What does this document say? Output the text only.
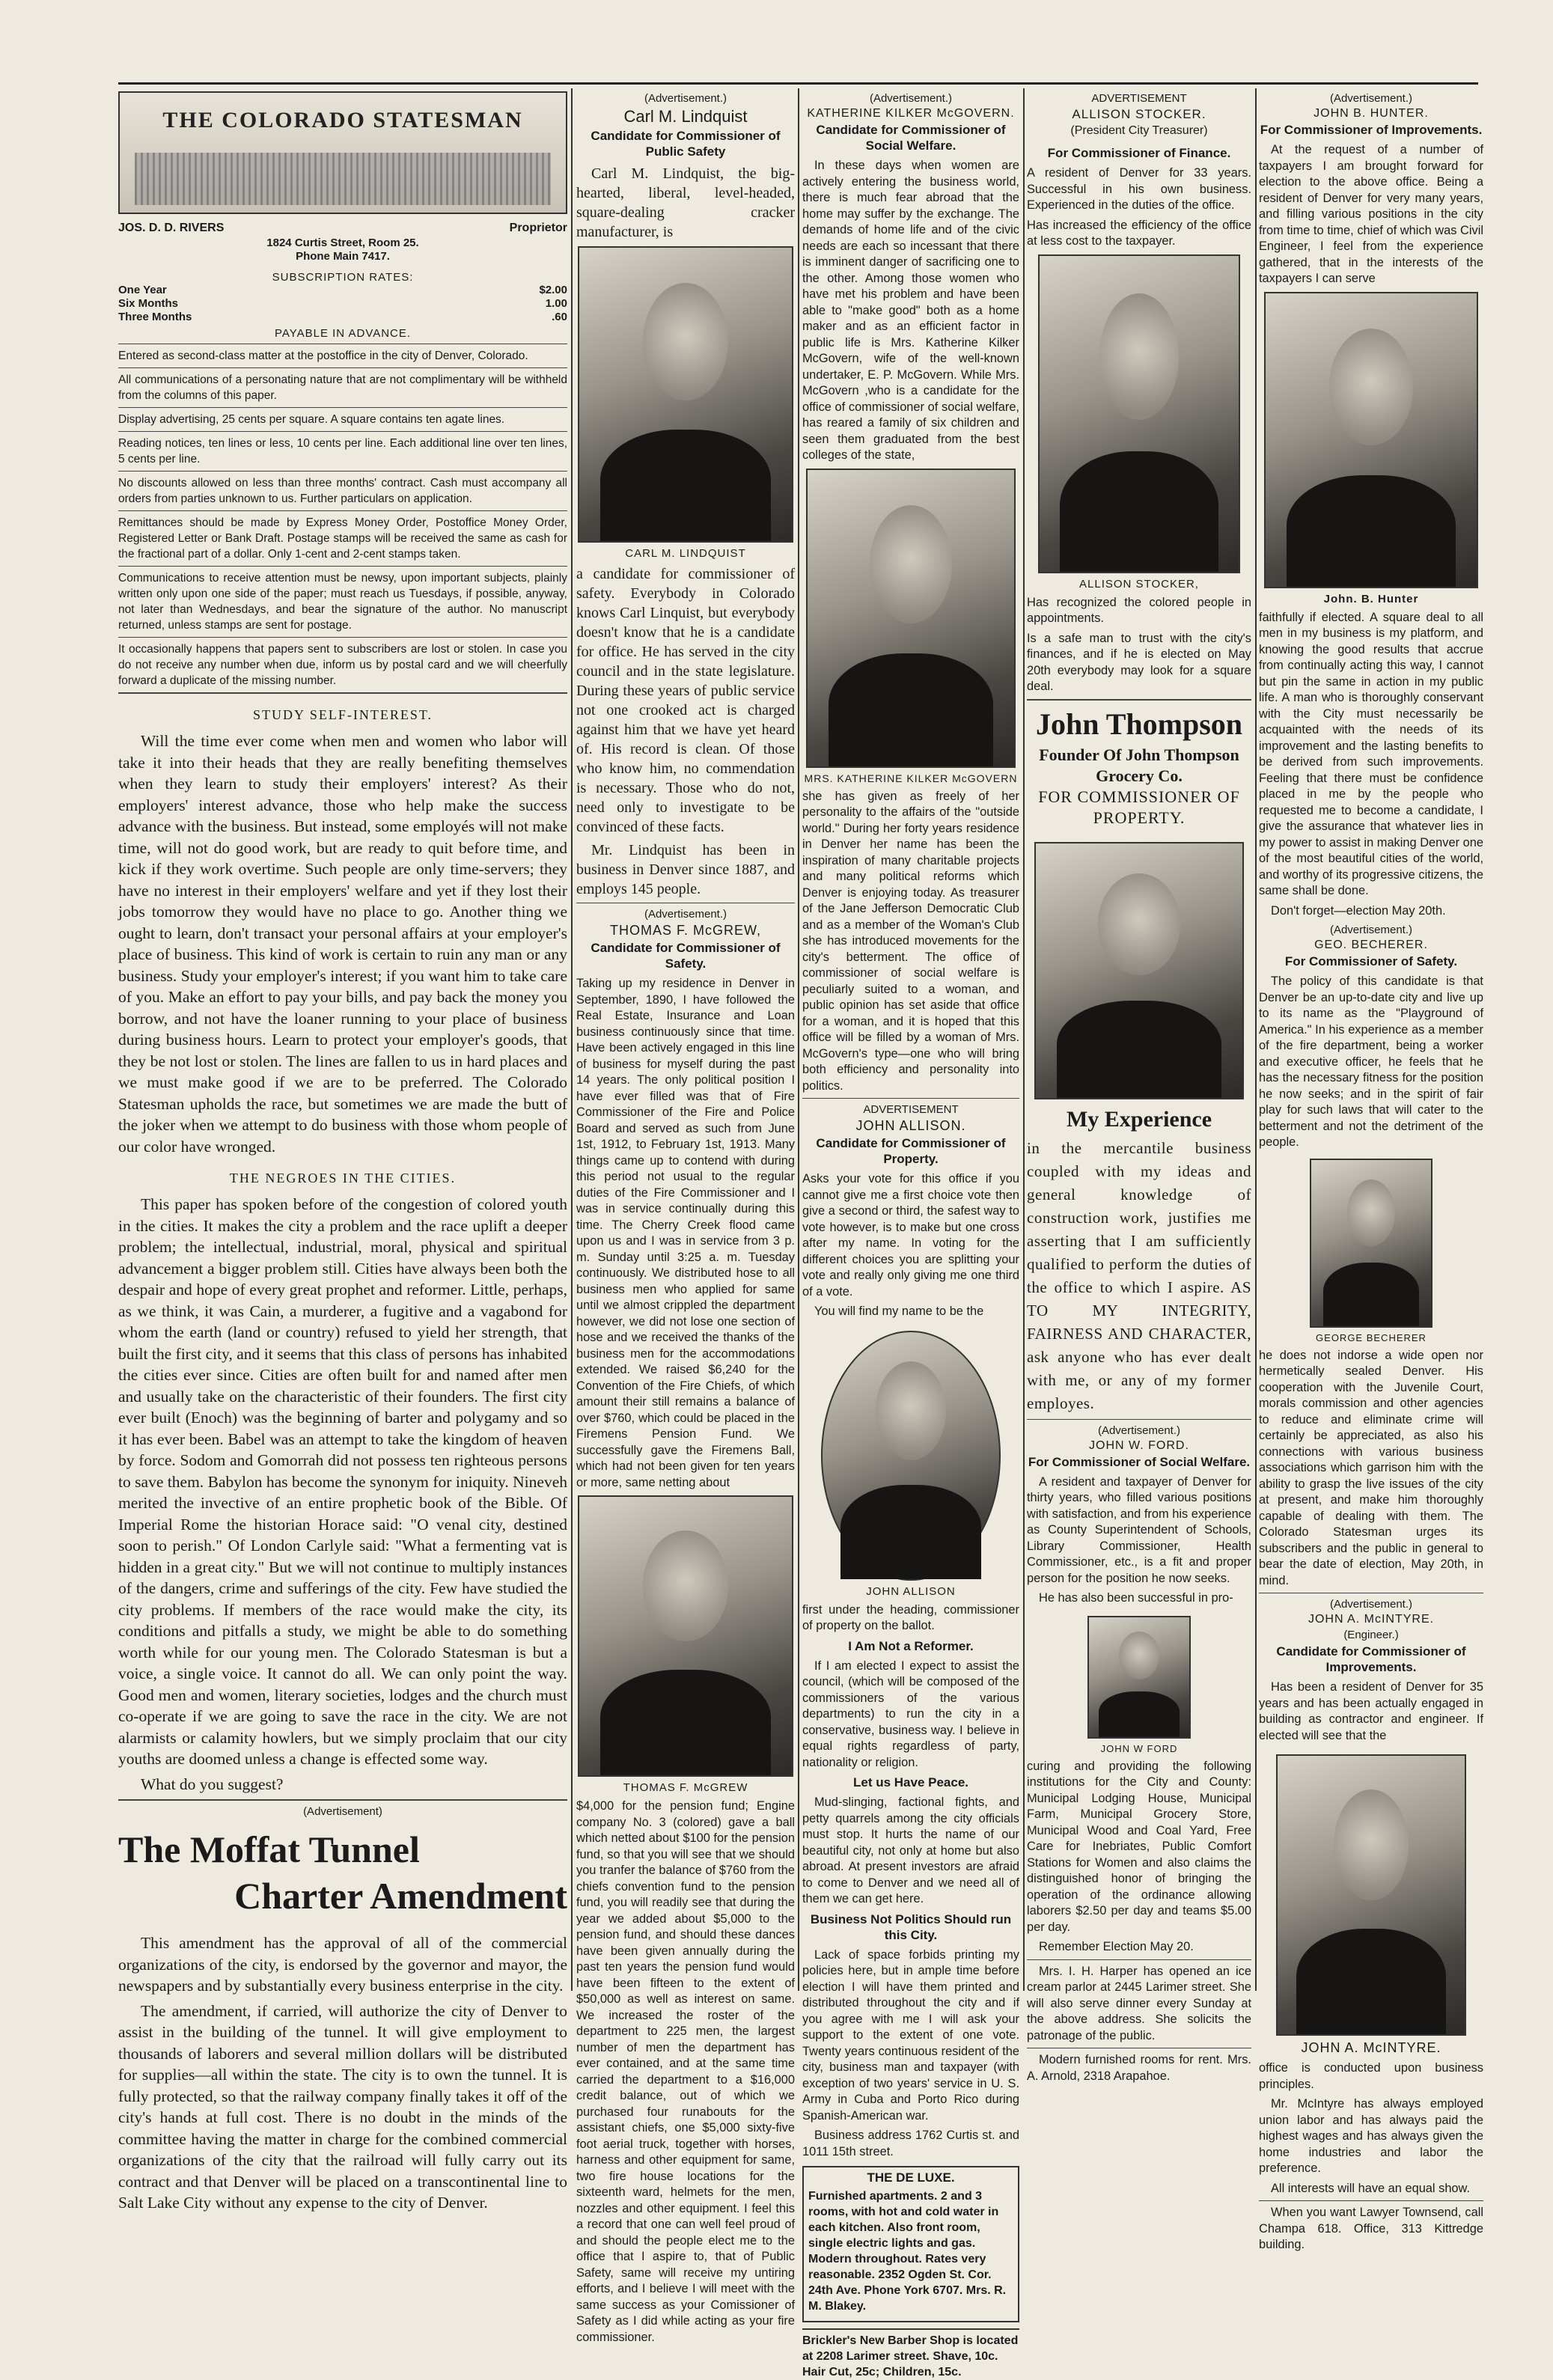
THE COLORADO STATESMAN
JOS. D. D. RIVERS	Proprietor
1824 Curtis Street, Room 25.
Phone Main 7417.
SUBSCRIPTION RATES:
One Year	$2.00
Six Months	1.00
Three Months	.60
PAYABLE IN ADVANCE.

Entered as second-class matter at the postoffice in the city of Denver, Colorado.

All communications of a personating nature that are not complimentary will be withheld from the columns of this paper.

Display advertising, 25 cents per square. A square contains ten agate lines.

Reading notices, ten lines or less, 10 cents per line. Each additional line over ten lines, 5 cents per line.

No discounts allowed on less than three months' contract. Cash must accompany all orders from parties unknown to us. Further particulars on application.

Remittances should be made by Express Money Order, Postoffice Money Order, Registered Letter or Bank Draft. Postage stamps will be received the same as cash for the fractional part of a dollar. Only 1-cent and 2-cent stamps taken.

Communications to receive attention must be newsy, upon important subjects, plainly written only upon one side of the paper; must reach us Tuesdays, if possible, anyway, not later than Wednesdays, and bear the signature of the author. No manuscript returned, unless stamps are sent for postage.

It occasionally happens that papers sent to subscribers are lost or stolen. In case you do not receive any number when due, inform us by postal card and we will cheerfully forward a duplicate of the missing number.

STUDY SELF-INTEREST.

Will the time ever come when men and women who labor will take it into their heads that they are really benefiting themselves when they learn to study their employers' interest? As their employers' interest advance, those who help make the success advance with the business. But instead, some employés will not make time, will not do good work, but are ready to quit before time, and kick if they work overtime. Such people are only time-servers; they have no interest in their employers' welfare and yet if they lost their jobs tomorrow they would have no place to go. Another thing we ought to learn, don't transact your personal affairs at your employer's place of business. This kind of work is certain to ruin any man or any business. Study your employer's interest; if you want him to take care of you. Make an effort to pay your bills, and pay back the money you borrow, and not have the loaner running to your place of business during business hours. Learn to protect your employer's goods, that they be not lost or stolen. The lines are fallen to us in hard places and we must make good if we are to be preferred. The Colorado Statesman upholds the race, but sometimes we are made the butt of the joker when we attempt to do business with those whom people of our color have wronged.

THE NEGROES IN THE CITIES.

This paper has spoken before of the congestion of colored youth in the cities. It makes the city a problem and the race uplift a deeper problem; the intellectual, industrial, moral, physical and spiritual advancement a bigger problem still. Cities have always been both the despair and hope of every great prophet and reformer. Little, perhaps, as we think, it was Cain, a murderer, a fugitive and a vagabond for whom the earth (land or country) refused to yield her strength, that built the first city, and it seems that this class of persons has inhabited the cities ever since. Cities are often built for and named after men and usually take on the characteristic of their founders. The first city ever built (Enoch) was the beginning of barter and polygamy and so it has ever been. Babel was an attempt to take the kingdom of heaven by force. Sodom and Gomorrah did not possess ten righteous persons to save them. Babylon has become the synonym for iniquity. Nineveh merited the invective of an entire prophetic book of the Bible. Of Imperial Rome the historian Horace said: "O venal city, destined soon to perish." Of London Carlyle said: "What a fermenting vat is hidden in a great city." But we will not continue to multiply instances of the dangers, crime and sufferings of the city. Few have studied the city problems. If members of the race would make the city, its conditions and pitfalls a study, we might be able to do something worth while for our young men. The Colorado Statesman is but a voice, a single voice. It cannot do all. We can only point the way. Good men and women, literary societies, lodges and the church must co-operate if we are going to save the race in the city. We are not alarmists or calamity howlers, but we simply proclaim that our city youths are doomed unless a change is effected some way.

What do you suggest?

(Advertisement)
The Moffat Tunnel
Charter Amendment

This amendment has the approval of all of the commercial organizations of the city, is endorsed by the governor and mayor, the newspapers and by substantially every business enterprise in the city.

The amendment, if carried, will authorize the city of Denver to assist in the building of the tunnel. It will give employment to thousands of laborers and several million dollars will be distributed for supplies—all within the state. The city is to own the tunnel. It is fully protected, so that the railway company finally takes it off of the city's hands at full cost. There is no doubt in the minds of the committee having the matter in charge for the combined commercial organizations of the city that the railroad will fully carry out its contract and that Denver will be placed on a transcontinental line to Salt Lake City without any expense to the city of Denver.

(Advertisement.)
Carl M. Lindquist
Candidate for Commissioner of Public Safety

Carl M. Lindquist, the big-hearted, liberal, level-headed, square-dealing cracker manufacturer, is

CARL M. LINDQUIST

a candidate for commissioner of safety. Everybody in Colorado knows Carl Linquist, but everybody doesn't know that he is a candidate for office. He has served in the city council and in the state legislature. During these years of public service not one crooked act is charged against him that we have yet heard of. His record is clean. Of those who know him, no commendation is necessary. Those who do not, need only to investigate to be convinced of these facts.

Mr. Lindquist has been in business in Denver since 1887, and employs 145 people.

(Advertisement.)
THOMAS F. McGREW,
Candidate for Commissioner of Safety.

Taking up my residence in Denver in September, 1890, I have followed the Real Estate, Insurance and Loan business continuously since that time. Have been actively engaged in this line of business for myself during the past 14 years. The only political position I have ever filled was that of Fire Commissioner of the Fire and Police Board and served as such from June 1st, 1912, to February 1st, 1913. Many things came up to contend with during this period not usual to the regular duties of the Fire Commissioner and I was in service continually during this time. The Cherry Creek flood came upon us and I was in service from 3 p. m. Sunday until 3:25 a. m. Tuesday continuously. We distributed hose to all business men who applied for same until we almost crippled the department however, we did not lose one section of hose and we received the thanks of the business men for the accommodations extended. We raised $6,240 for the Convention of the Fire Chiefs, of which amount their still remains a balance of over $760, which could be placed in the Firemens Pension Fund. We successfully gave the Firemens Ball, which had not been given for ten years or more, same netting about

THOMAS F. McGREW

$4,000 for the pension fund; Engine company No. 3 (colored) gave a ball which netted about $100 for the pension fund, so that you will see that we should you tranfer the balance of $760 from the chiefs convention fund to the pension fund, you will readily see that during the year we added about $5,000 to the pension fund, and should these dances have been given annually during the past ten years the pension fund would have been fifteen to the extent of $50,000 as well as interest on same. We increased the roster of the department to 225 men, the largest number of men the department has ever contained, and at the same time carried the department to a $16,000 credit balance, out of which we purchased four runabouts for the assistant chiefs, one $5,000 sixty-five foot aerial truck, together with horses, harness and other equipment for same, two fire house locations for the sixteenth ward, helmets for the men, nozzles and other equipment. I feel this a record that one can well feel proud of and should the people elect me to the office that I aspire to, that of Public Safety, same will receive my untiring efforts, and I believe I will meet with the same success as your Comissioner of Safety as I did while acting as your fire commissioner.

(Advertisement.)
KATHERINE KILKER McGOVERN.
Candidate for Commissioner of Social Welfare.

In these days when women are actively entering the business world, there is much fear abroad that the home may suffer by the exchange. The demands of home life and of the civic needs are each so incessant that there is imminent danger of sacrificing one to the other. Among those women who have met his problem and have been able to "make good" both as a home maker and as an efficient factor in public life is Mrs. Katherine Kilker McGovern, wife of the well-known undertaker, E. P. McGovern. While Mrs. McGovern ,who is a candidate for the office of commissioner of social welfare, has reared a family of six children and seen them graduated from the best colleges of the state,

MRS. KATHERINE KILKER McGOVERN

she has given as freely of her personality to the affairs of the "outside world." During her forty years residence in Denver her name has been the inspiration of many charitable projects and many political reforms which Denver is enjoying today. As treasurer of the Jane Jefferson Democratic Club and as a member of the Woman's Club she has introduced movements for the city's betterment. The office of commissioner of social welfare is peculiarly suited to a woman, and public opinion has set aside that office for a woman, and it is hoped that this office will be filled by a woman of Mrs. McGovern's type—one who will bring both efficiency and personality into politics.

ADVERTISEMENT
JOHN ALLISON.
Candidate for Commissioner of Property.

Asks your vote for this office if you cannot give me a first choice vote then give a second or third, the safest way to vote however, is to make but one cross after my name. In voting for the different choices you are splitting your vote and really only giving me one third of a vote.

You will find my name to be the

JOHN ALLISON

first under the heading, commissioner of property on the ballot.

I Am Not a Reformer.

If I am elected I expect to assist the council, (which will be composed of the commissioners of the various departments) to run the city in a conservative, business way. I believe in equal rights regardless of party, nationality or religion.

Let us Have Peace.

Mud-slinging, factional fights, and petty quarrels among the city officials must stop. It hurts the name of our beautiful city, not only at home but also abroad. At present investors are afraid to come to Denver and we need all of them we can get here.

Business Not Politics Should run this City.

Lack of space forbids printing my policies here, but in ample time before election I will have them printed and distributed throughout the city and if you agree with me I will ask your support to the extent of one vote. Twenty years continuous resident of the city, business man and taxpayer (with exception of two years' service in U. S. Army in Cuba and Porto Rico during Spanish-American war.

Business address 1762 Curtis st. and 1011 15th street.

THE DE LUXE.

Furnished apartments. 2 and 3 rooms, with hot and cold water in each kitchen. Also front room, single electric lights and gas. Modern throughout. Rates very reasonable. 2352 Ogden St. Cor. 24th Ave. Phone York 6707. Mrs. R. M. Blakey.

Brickler's New Barber Shop is located at 2208 Larimer street. Shave, 10c. Hair Cut, 25c; Children, 15c.

ADVERTISEMENT
ALLISON STOCKER.
(President City Treasurer)
For Commissioner of Finance.

A resident of Denver for 33 years. Successful in his own business. Experienced in the duties of the office.

Has increased the efficiency of the office at less cost to the taxpayer.

ALLISON STOCKER,

Has recognized the colored people in appointments.

Is a safe man to trust with the city's finances, and if he is elected on May 20th everybody may look for a square deal.

John Thompson
Founder Of John Thompson Grocery Co.
FOR COMMISSIONER OF PROPERTY.
My Experience

in the mercantile business coupled with my ideas and general knowledge of construction work, justifies me asserting that I am sufficiently qualified to perform the duties of the office to which I aspire. AS TO MY INTEGRITY, FAIRNESS AND CHARACTER, ask anyone who has ever dealt with me, or any of my former employes.

(Advertisement.)
JOHN W. FORD.
For Commissioner of Social Welfare.

A resident and taxpayer of Denver for thirty years, who filled various positions with satisfaction, and from his experience as County Superintendent of Schools, Library Commissioner, Health Commissioner, etc., is a fit and proper person for the position he now seeks.

He has also been successful in pro-

JOHN W FORD

curing and providing the following institutions for the City and County: Municipal Lodging House, Municipal Farm, Municipal Grocery Store, Municipal Wood and Coal Yard, Free Care for Inebriates, Public Comfort Stations for Women and also claims the distinguished honor of bringing the operation of the ordinance allowing laborers $2.50 per day and teams $5.00 per day.

Remember Election May 20.

Mrs. I. H. Harper has opened an ice cream parlor at 2445 Larimer street. She will also serve dinner every Sunday at the above address. She solicits the patronage of the public.

Modern furnished rooms for rent. Mrs. A. Arnold, 2318 Arapahoe.

(Advertisement.)
JOHN B. HUNTER.
For Commissioner of Improvements.

At the request of a number of taxpayers I am brought forward for election to the above office. Being a resident of Denver for very many years, and filling various positions in the city from time to time, chief of which was Civil Engineer, I feel from the experience gathered, that in the interests of the taxpayers I can serve

John. B. Hunter

faithfully if elected. A square deal to all men in my business is my platform, and knowing the good results that accrue from continually acting this way, I cannot but pin the same in action in my public life. A man who is thoroughly conservant with the City must necessarily be acquainted with the needs of its improvement and the lasting benefits to be derived from such improvements. Feeling that there must be confidence placed in me by the people who requested me to become a candidate, I give the assurance that whatever lies in my power to assist in making Denver one of the most beautiful cities of the world, and worthy of its progressive citizens, the same shall be done.

Don't forget—election May 20th.

(Advertisement.)
GEO. BECHERER.
For Commissioner of Safety.

The policy of this candidate is that Denver be an up-to-date city and live up to its name as the "Playground of America." In his experience as a member of the fire department, being a worker and executive officer, he feels that he has the necessary fitness for the position he now seeks; and in the spirit of fair play for such laws that will cater to the betterment and not the detriment of the people.

GEORGE BECHERER

he does not indorse a wide open nor hermetically sealed Denver. His cooperation with the Juvenile Court, morals commission and other agencies to reduce and eliminate crime will certainly be appreciated, as also his connections with various business associations which garrison him with the ability to grasp the live issues of the city at present, and make him thoroughly capable of dealing with them. The Colorado Statesman urges its subscribers and the public in general to bear the date of election, May 20th, in mind.

(Advertisement.)
JOHN A. McINTYRE.
(Engineer.)
Candidate for Commissioner of Improvements.

Has been a resident of Denver for 35 years and has been actually engaged in building as contractor and engineer. If elected will see that the

JOHN A. McINTYRE.

office is conducted upon business principles.

Mr. McIntyre has always employed union labor and has always paid the highest wages and has always given the home industries and labor the preference.

All interests will have an equal show.

When you want Lawyer Townsend, call Champa 618. Office, 313 Kittredge building.
